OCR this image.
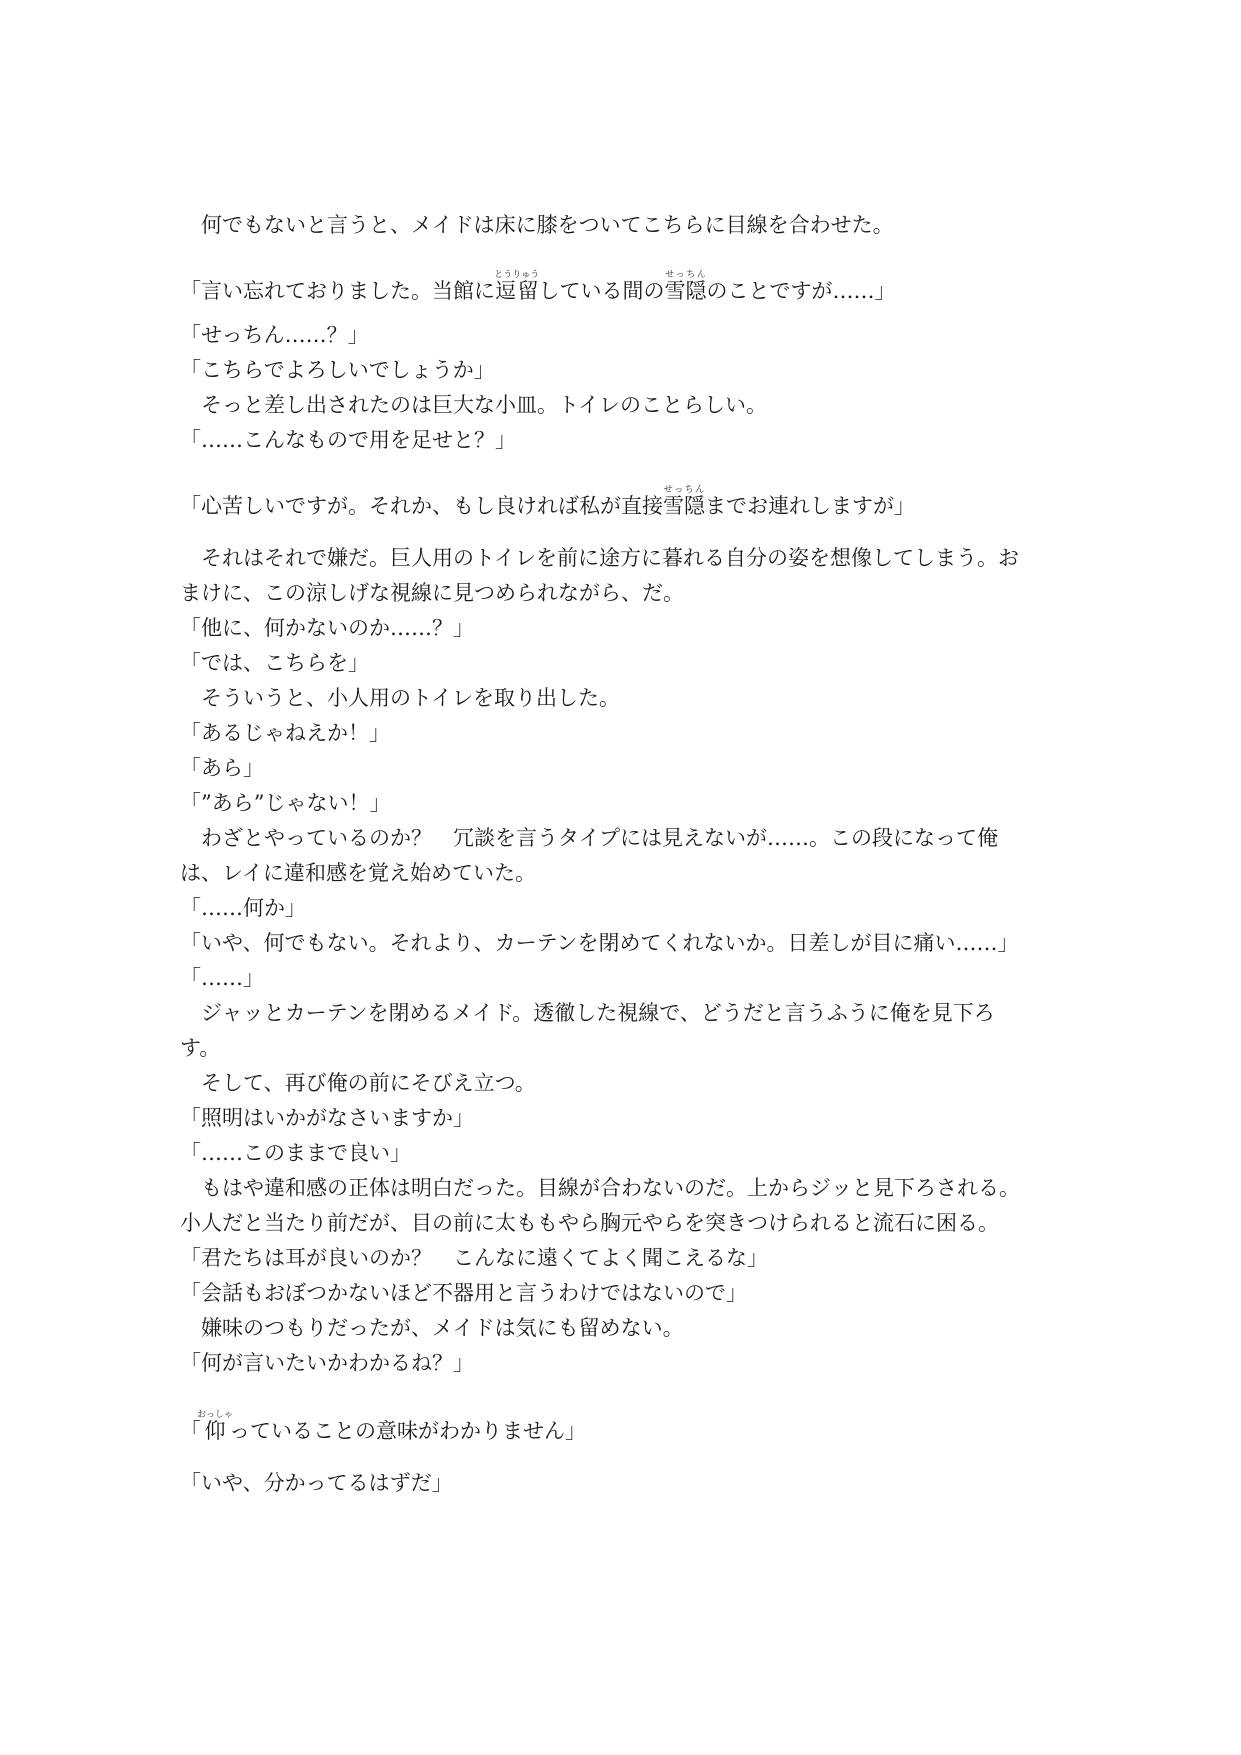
　何でもないと言うと、メイドは床に膝をついてこちらに目線を合わせた。
「言い忘れておりました。当館に逗留とうりゅうしている間の雪隠せっちんのことですが……」
「せっちん……？」
「こちらでよろしいでしょうか」
　そっと差し出されたのは巨大な小皿。トイレのことらしい。
「……こんなもので用を足せと？」
「心苦しいですが。それか、もし良ければ私が直接雪隠せっちんまでお連れしますが」
　それはそれで嫌だ。巨人用のトイレを前に途方に暮れる自分の姿を想像してしまう。お
まけに、この涼しげな視線に見つめられながら、だ。
「他に、何かないのか……？」
「では、こちらを」
　そういうと、小人用のトイレを取り出した。
「あるじゃねえか！」
「あら」
「”あら”じゃない！」
　わざとやっているのか？　冗談を言うタイプには見えないが……。この段になって俺
は、レイに違和感を覚え始めていた。
「……何か」
「いや、何でもない。それより、カーテンを閉めてくれないか。日差しが目に痛い……」
「……」
　ジャッとカーテンを閉めるメイド。透徹した視線で、どうだと言うふうに俺を見下ろ
す。
　そして、再び俺の前にそびえ立つ。
「照明はいかがなさいますか」
「……このままで良い」
　もはや違和感の正体は明白だった。目線が合わないのだ。上からジッと見下ろされる。
小人だと当たり前だが、目の前に太ももやら胸元やらを突きつけられると流石に困る。
「君たちは耳が良いのか？　こんなに遠くてよく聞こえるな」
「会話もおぼつかないほど不器用と言うわけではないので」
　嫌味のつもりだったが、メイドは気にも留めない。
「何が言いたいかわかるね？」
「仰おっしゃっていることの意味がわかりません」
「いや、分かってるはずだ」
